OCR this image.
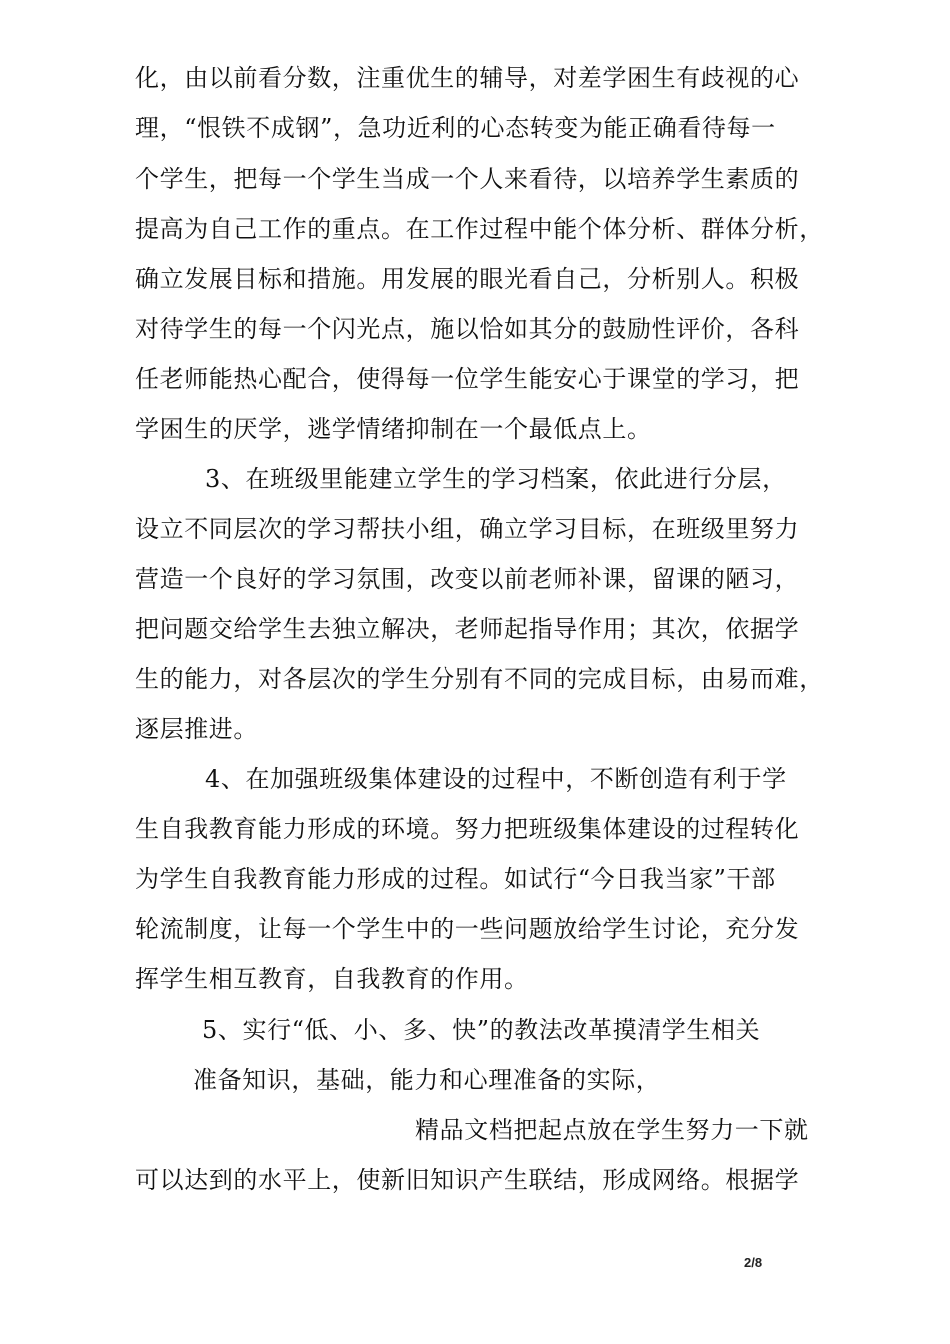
化，由以前看分数，注重优生的辅导，对差学困生有歧视的心
理，“恨铁不成钢”，急功近利的心态转变为能正确看待每一
个学生，把每一个学生当成一个人来看待，以培养学生素质的
提高为自己工作的重点。在工作过程中能个体分析、群体分析，
确立发展目标和措施。用发展的眼光看自己，分析别人。积极
对待学生的每一个闪光点，施以恰如其分的鼓励性评价，各科
任老师能热心配合，使得每一位学生能安心于课堂的学习，把
学困生的厌学，逃学情绪抑制在一个最低点上。
3、在班级里能建立学生的学习档案，依此进行分层，
设立不同层次的学习帮扶小组，确立学习目标，在班级里努力
营造一个良好的学习氛围，改变以前老师补课，留课的陋习，
把问题交给学生去独立解决，老师起指导作用；其次，依据学
生的能力，对各层次的学生分别有不同的完成目标，由易而难，
逐层推进。
4、在加强班级集体建设的过程中，不断创造有利于学
生自我教育能力形成的环境。努力把班级集体建设的过程转化
为学生自我教育能力形成的过程。如试行“今日我当家”干部
轮流制度，让每一个学生中的一些问题放给学生讨论，充分发
挥学生相互教育，自我教育的作用。
5、实行“低、小、多、快”的教法改革摸清学生相关
准备知识，基础，能力和心理准备的实际，
精品文档把起点放在学生努力一下就
可以达到的水平上，使新旧知识产生联结，形成网络。根据学
2/8
